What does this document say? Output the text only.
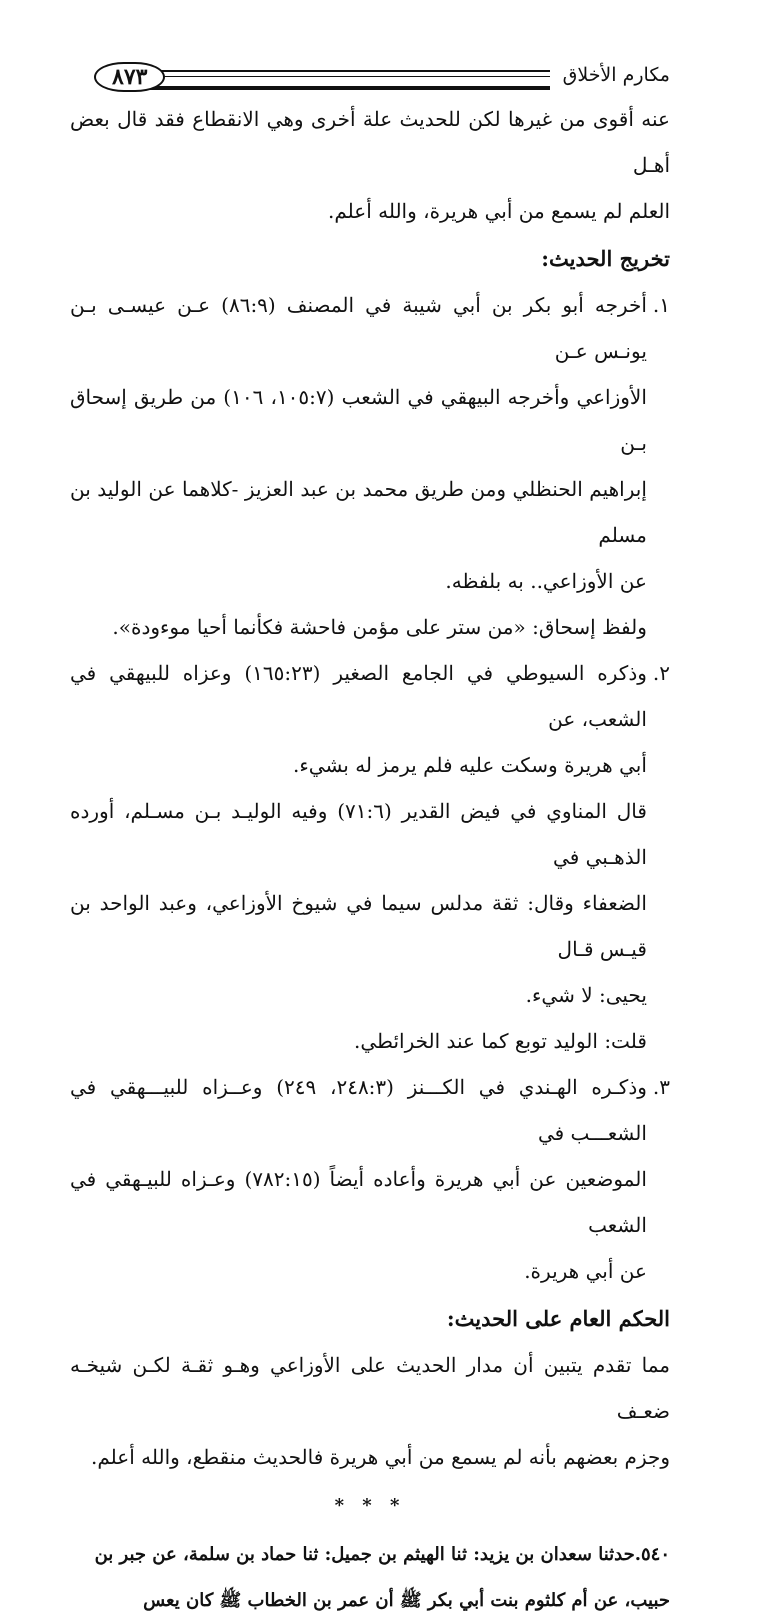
مكارم الأخلاق
٨٧٣

عنه أقوى من غيرها لكن للحديث علة أخرى وهي الانقطاع فقد قال بعض أهـل

العلم لم يسمع من أبي هريرة، والله أعلم.

تخريج الحديث:
١.

أخرجه أبو بكر بن أبي شيبة في المصنف (٨٦:٩) عـن عيسـى بـن يونـس عـن

الأوزاعي وأخرجه البيهقي في الشعب (١٠٥:٧، ١٠٦) من طريق إسحاق بـن

إبراهيم الحنظلي ومن طريق محمد بن عبد العزيز -كلاهما عن الوليد بن مسلم

عن الأوزاعي.. به بلفظه.

ولفظ إسحاق: «من ستر على مؤمن فاحشة فكأنما أحيا موءودة».

٢.

وذكره السيوطي في الجامع الصغير (١٦٥:٢٣) وعزاه للبيهقي في الشعب، عن

أبي هريرة وسكت عليه فلم يرمز له بشيء.

قال المناوي في فيض القدير (٧١:٦) وفيه الوليـد بـن مسـلم، أورده الذهـبي في

الضعفاء وقال: ثقة مدلس سيما في شيوخ الأوزاعي، وعبد الواحد بن قيـس قـال

يحيى: لا شيء.

قلت: الوليد توبع كما عند الخرائطي.

٣.

وذكـره الهـندي في الكـــنز (٢٤٨:٣، ٢٤٩) وعــزاه للبيـــهقي في الشعـــب في

الموضعين عن أبي هريرة وأعاده أيضاً (٧٨٢:١٥) وعـزاه للبيـهقي في الشعب

عن أبي هريرة.

الحكم العام على الحديث:

مما تقدم يتبين أن مدار الحديث على الأوزاعي وهـو ثقـة لكـن شيخـه ضعـف

وجزم بعضهم بأنه لم يسمع من أبي هريرة فالحديث منقطع، والله أعلم.

* * *

٥٤٠.حدثنا سعدان بن يزيد: ثنا الهيثم بن جميل: ثنا حماد بن سلمة، عن جبر بن

حبيب، عن أم كلثوم بنت أبي بكر ﷺ أن عمر بن الخطاب ﷺ كان يعس
